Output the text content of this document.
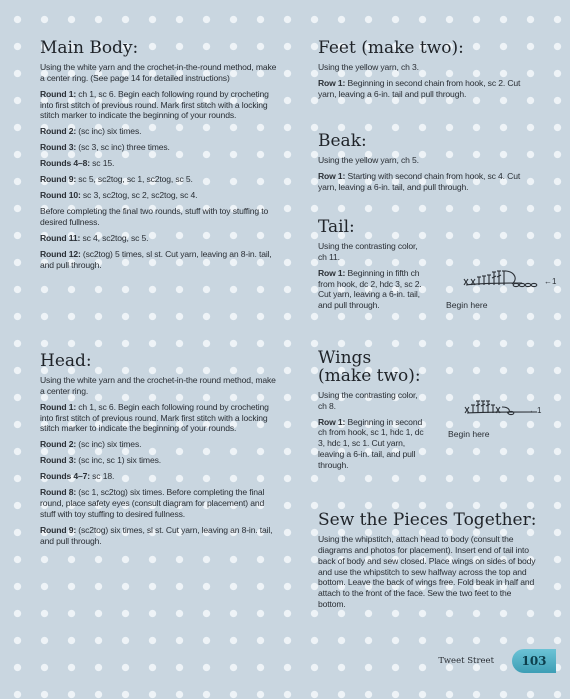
Main Body:

Using the white yarn and the crochet-in-the-round method, make a center ring. (See page 14 for detailed instructions)

Round 1: ch 1, sc 6. Begin each following round by crocheting into first stitch of previous round. Mark first stitch with a locking stitch marker to indicate the beginning of your rounds.

Round 2: (sc inc) six times.

Round 3: (sc 3, sc inc) three times.

Rounds 4–8: sc 15.

Round 9: sc 5, sc2tog, sc 1, sc2tog, sc 5.

Round 10: sc 3, sc2tog, sc 2, sc2tog, sc 4.

Before completing the final two rounds, stuff with toy stuffing to desired fullness.

Round 11: sc 4, sc2tog, sc 5.

Round 12: (sc2tog) 5 times, sl st. Cut yarn, leaving an 8-in. tail, and pull through.

Head:

Using the white yarn and the crochet-in-the round method, make a center ring.

Round 1: ch 1, sc 6. Begin each following round by crocheting into first stitch of previous round. Mark first stitch with a locking stitch marker to indicate the beginning of your rounds.

Round 2: (sc inc) six times.

Round 3: (sc inc, sc 1) six times.

Rounds 4–7: sc 18.

Round 8: (sc 1, sc2tog) six times. Before completing the final round, place safety eyes (consult diagram for placement) and stuff with toy stuffing to desired fullness.

Round 9: (sc2tog) six times, sl st. Cut yarn, leaving an 8-in. tail, and pull through.

Feet (make two):

Using the yellow yarn, ch 3.

Row 1: Beginning in second chain from hook, sc 2. Cut yarn, leaving a 6-in. tail and pull through.

Beak:

Using the yellow yarn, ch 5.

Row 1: Starting with second chain from hook, sc 4. Cut yarn, leaving a 6-in. tail, and pull through.

Tail:

Using the contrasting color, ch 11.

Row 1: Beginning in fifth ch from hook, dc 2, hdc 3, sc 2. Cut yarn, leaving a 6-in. tail, and pull through.

←1
Begin here
Wings
(make two):

Using the contrasting color, ch 8.

Row 1: Beginning in second ch from hook, sc 1, hdc 1, dc 3, hdc 1, sc 1. Cut yarn, leaving a 6-in. tail, and pull through.

←1
Begin here
Sew the Pieces Together:

Using the whipstitch, attach head to body (consult the diagrams and photos for placement). Insert end of tail into back of body and sew closed. Place wings on sides of body and use the whipstitch to sew halfway across the top and bottom. Leave the back of wings free. Fold beak in half and attach to the front of the face. Sew the two feet to the bottom.

Tweet Street 103
